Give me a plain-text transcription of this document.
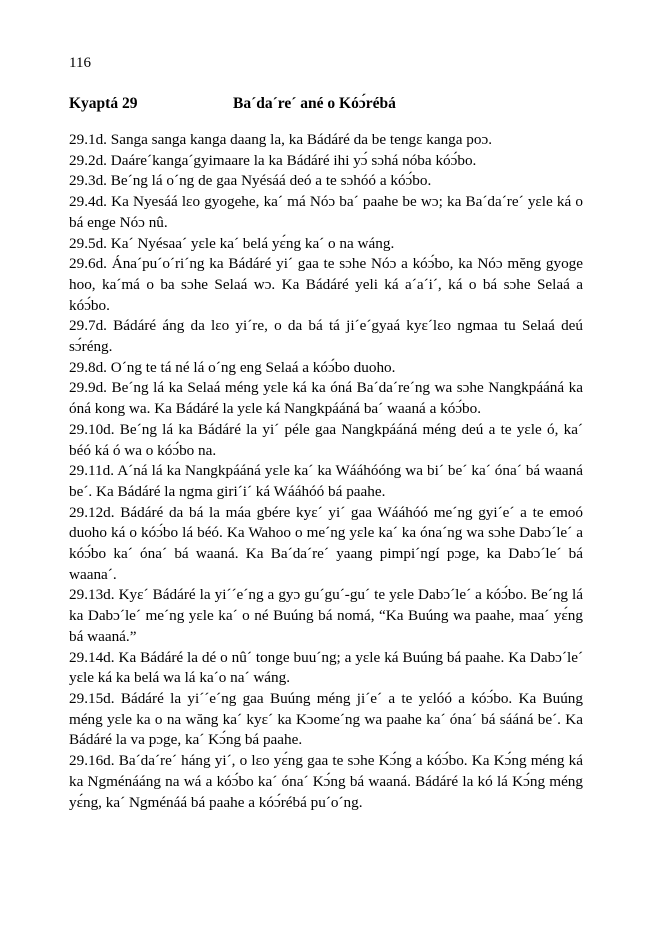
116
Kyaptá 29	Ba´da´re´ ané o Kóɔ́rébá

29.1d. Sanga sanga kanga daang la, ka Bádáré da be tengɛ kanga poɔ.

29.2d. Daáre´kanga´gyimaare la ka Bádáré ihi yɔ́ sɔhá nóba kóɔ́bo.

29.3d. Be´ng lá o´ng de gaa Nyésáá deó a te sɔhóó a kóɔ́bo.

29.4d. Ka Nyesáá lɛo gyogehe, ka´ má Nóɔ ba´ paahe be wɔ; ka Ba´da´re´ yɛle ká o bá enge Nóɔ nû.

29.5d. Ka´ Nyésaa´ yɛle ka´ belá yɛ́ng ka´ o na wáng.

29.6d. Ána´pu´o´ri´ng ka Bádáré yi´ gaa te sɔhe Nóɔ a kóɔ́bo, ka Nóɔ mĕng gyoge hoo, ka´má o ba sɔhe Selaá wɔ. Ka Bádáré yeli ká a´a´i´, ká o bá sɔhe Selaá a kóɔ́bo.

29.7d. Bádáré áng da lɛo yi´re, o da bá tá ji´e´gyaá kyɛ´lɛo ngmaa tu Selaá deú sɔ́réng.

29.8d. O´ng te tá né lá o´ng eng Selaá a kóɔ́bo duoho.

29.9d. Be´ng lá ka Selaá méng yɛle ká ka óná Ba´da´re´ng wa sɔhe Nangkpááná ka óná kong wa. Ka Bádáré la yɛle ká Nangkpááná ba´ waaná a kóɔ́bo.

29.10d. Be´ng lá ka Bádáré la yi´ péle gaa Nangkpááná méng deú a te yɛle ó, ka´ béó ká ó wa o kóɔ́bo na.

29.11d. A´ná lá ka Nangkpááná yɛle ka´ ka Wááhóóng wa bi´ be´ ka´ óna´ bá waaná be´. Ka Bádáré la ngma giri´i´ ká Wááhóó bá paahe.

29.12d. Bádáré da bá la máa gbére kyɛ´ yi´ gaa Wááhóó me´ng gyi´e´ a te emoó duoho ká o kóɔ́bo lá béó. Ka Wahoo o me´ng yɛle ka´ ka óna´ng wa sɔhe Dabɔ´le´ a kóɔ́bo ka´ óna´ bá waaná. Ka Ba´da´re´ yaang pimpi´ngí pɔge, ka Dabɔ´le´ bá waana´.

29.13d. Kyɛ´ Bádáré la yi´´e´ng a gyɔ gu´gu´-gu´ te yɛle Dabɔ´le´ a kóɔ́bo. Be´ng lá ka Dabɔ´le´ me´ng yɛle ka´ o né Buúng bá nomá, “Ka Buúng wa paahe, maa´ yɛ́ng bá waaná.”

29.14d. Ka Bádáré la dé o nû´ tonge buu´ng; a yɛle ká Buúng bá paahe. Ka Dabɔ´le´ yɛle ká ka belá wa lá ka´o na´ wáng.

29.15d. Bádáré la yi´´e´ng gaa Buúng méng ji´e´ a te yɛlóó a kóɔ́bo. Ka Buúng méng yɛle ka o na wăng ka´ kyɛ´ ka Kɔome´ng wa paahe ka´ óna´ bá sááná be´. Ka Bádáré la va pɔge, ka´ Kɔ́ng bá paahe.

29.16d. Ba´da´re´ háng yi´, o lɛo yɛ́ng gaa te sɔhe Kɔ́ng a kóɔ́bo. Ka Kɔ́ng méng ká ka Ngménááng na wá a kóɔ́bo ka´ óna´ Kɔ́ng bá waaná. Bádáré la kó lá Kɔ́ng méng yɛ́ng, ka´ Ngménáá bá paahe a kóɔ́rébá pu´o´ng.
